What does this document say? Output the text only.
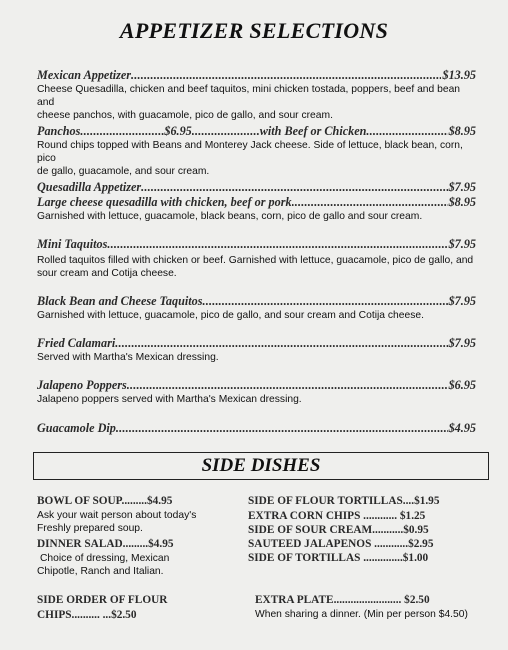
APPETIZER SELECTIONS
Mexican Appetizer .....	$13.95
Cheese Quesadilla, chicken and beef taquitos, mini chicken tostada, poppers, beef and bean and
cheese panchos, with guacamole, pico de gallo, and sour cream.
Panchos .....	$6.95 .....	with Beef or Chicken .....	$8.95
Round chips topped with Beans and Monterey Jack cheese. Side of lettuce, black bean, corn, pico
de gallo, guacamole, and sour cream.
Quesadilla Appetizer .....	$7.95
Large cheese quesadilla with chicken, beef or pork .....	$8.95
Garnished with lettuce, guacamole, black beans, corn, pico de gallo and sour cream.
Mini Taquitos .....	$7.95
Rolled taquitos filled with chicken or beef. Garnished with lettuce, guacamole, pico de gallo, and
sour cream and Cotija cheese.
Black Bean and Cheese Taquitos .....	$7.95
Garnished with lettuce, guacamole, pico de gallo, and sour cream and Cotija cheese.
Fried Calamari .....	$7.95
Served with Martha's Mexican dressing.
Jalapeno Poppers .....	$6.95
Jalapeno poppers served with Martha's Mexican dressing.
Guacamole Dip .....	$4.95
SIDE DISHES
BOWL OF SOUP.........$4.95
Ask your wait person about today's
Freshly prepared soup.
DINNER SALAD.........$4.95
Choice of dressing, Mexican
Chipotle, Ranch and Italian.
SIDE ORDER OF FLOUR
CHIPS.......... ...$2.50
SIDE OF FLOUR TORTILLAS....$1.95
EXTRA CORN CHIPS ............ $1.25
SIDE OF SOUR CREAM...........$0.95
SAUTEED JALAPENOS ............$2.95
SIDE OF TORTILLAS ..............$1.00
EXTRA PLATE........................ $2.50
When sharing a dinner. (Min per person $4.50)
